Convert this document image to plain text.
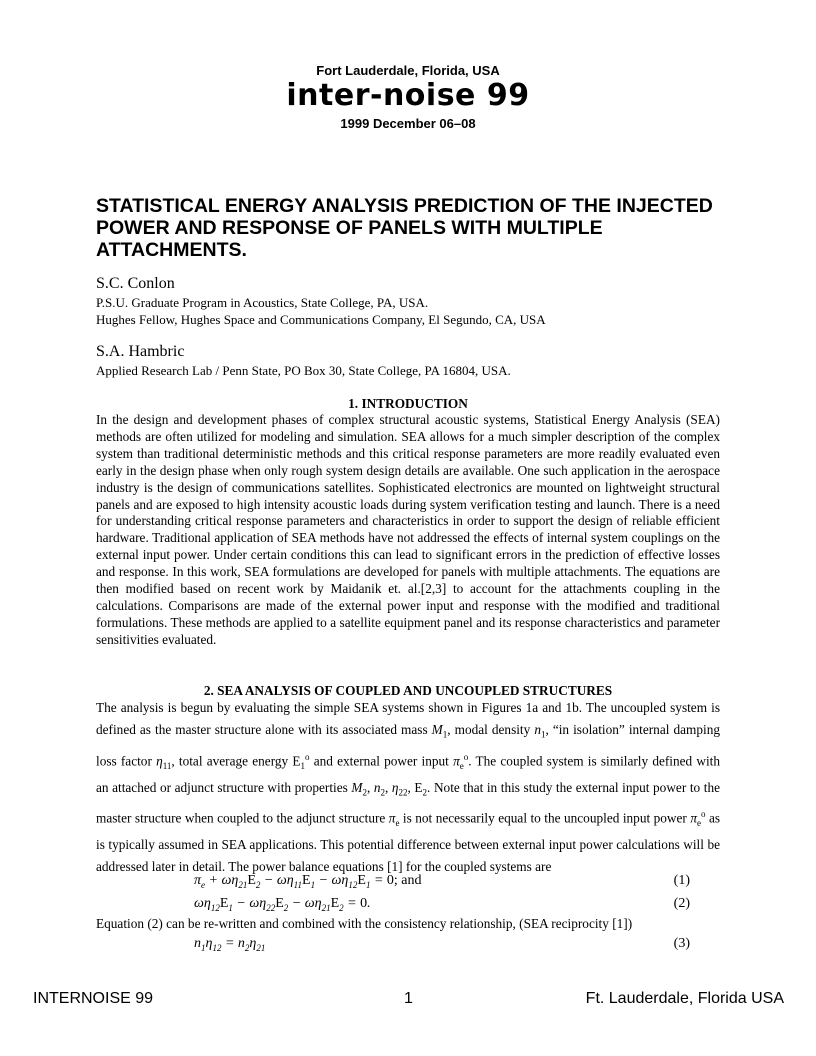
Fort Lauderdale, Florida, USA
inter-noise 99
1999 December 06–08
STATISTICAL ENERGY ANALYSIS PREDICTION OF THE INJECTED POWER AND RESPONSE OF PANELS WITH MULTIPLE ATTACHMENTS.
S.C. Conlon
P.S.U. Graduate Program in Acoustics, State College, PA, USA.
Hughes Fellow, Hughes Space and Communications Company, El Segundo, CA, USA
S.A. Hambric
Applied Research Lab / Penn State, PO Box 30, State College, PA 16804, USA.
1. INTRODUCTION

In the design and development phases of complex structural acoustic systems, Statistical Energy Analysis (SEA) methods are often utilized for modeling and simulation. SEA allows for a much simpler description of the complex system than traditional deterministic methods and this critical response parameters are more readily evaluated even early in the design phase when only rough system design details are available. One such application in the aerospace industry is the design of communications satellites. Sophisticated electronics are mounted on lightweight structural panels and are exposed to high intensity acoustic loads during system verification testing and launch. There is a need for understanding critical response parameters and characteristics in order to support the design of reliable efficient hardware. Traditional application of SEA methods have not addressed the effects of internal system couplings on the external input power. Under certain conditions this can lead to significant errors in the prediction of effective losses and response. In this work, SEA formulations are developed for panels with multiple attachments. The equations are then modified based on recent work by Maidanik et. al.[2,3] to account for the attachments coupling in the calculations. Comparisons are made of the external power input and response with the modified and traditional formulations. These methods are applied to a satellite equipment panel and its response characteristics and parameter sensitivities evaluated.

2. SEA ANALYSIS OF COUPLED AND UNCOUPLED STRUCTURES

The analysis is begun by evaluating the simple SEA systems shown in Figures 1a and 1b. The uncoupled system is defined as the master structure alone with its associated mass $M_1$, modal density $n_1$, “in isolation” internal damping loss factor $\eta_{11}$, total average energy $E_1^o$ and external power input $\pi_e^o$. The coupled system is similarly defined with an attached or adjunct structure with properties $M_2$, $n_2$, $\eta_{22}$, $E_2$. Note that in this study the external input power to the master structure when coupled to the adjunct structure $\pi_e$ is not necessarily equal to the uncoupled input power $\pi_e^o$ as is typically assumed in SEA applications. This potential difference between external input power calculations will be addressed later in detail. The power balance equations [1] for the coupled systems are

$\pi_e + \omega\eta_{21}E_2 - \omega\eta_{11}E_1 - \omega\eta_{12}E_1 = 0$; and	(1)
$\omega\eta_{12}E_1 - \omega\eta_{22}E_2 - \omega\eta_{21}E_2 = 0$.	(2)
Equation (2) can be re-written and combined with the consistency relationship, (SEA reciprocity [1])
$n_1\eta_{12} = n_2\eta_{21}$	(3)
INTERNOISE 99	1	Ft. Lauderdale, Florida USA
